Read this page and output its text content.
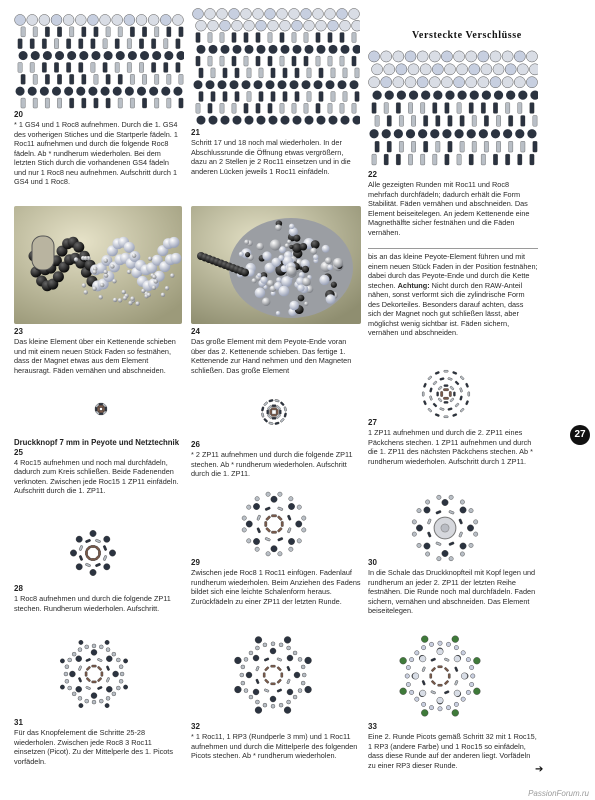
Versteckte Verschlüsse
20
* 1 GS4 und 1 Roc8 aufnehmen. Durch die 1. GS4 des vorherigen Stiches und die Startperle fädeln. 1 Roc11 aufnehmen und durch die folgende Roc8 fädeln. Ab * rundherum wiederholen. Bei dem letzten Stich durch die vorhandenen GS4 fädeln und nur 1 Roc8 neu aufnehmen. Aufschritt durch 1 GS4 und 1 Roc8.
21
Schritt 17 und 18 noch mal wiederholen. In der Abschlussrunde die Öffnung etwas vergrößern, dazu an 2 Stellen je 2 Roc11 einsetzen und in die anderen Lücken jeweils 1 Roc11 einfädeln.	22
Alle gezeigten Runden mit Roc11 und Roc8 mehrfach durchfädeln; dadurch erhält die Form Stabilität. Fäden vernähen und abschneiden. Das Element beiseitelegen. An jedem Kettenende eine Magnethälfte sicher festnähen und die Fäden vernähen.
bis an das kleine Peyote-Element führen und mit einem neuen Stück Faden in der Position festnähen; dabei durch das Peyote-Ende und durch die Kette stechen. Achtung: Nicht durch den RAW-Anteil nähen, sonst verformt sich die zylindrische Form des Dekorteiles. Besonders darauf achten, dass sich der Magnet noch gut schließen lässt, aber möglichst wenig sichtbar ist. Fäden sichern, vernähen und abschneiden.
23
Das kleine Element über ein Kettenende schieben und mit einem neuen Stück Faden so festnähen, dass der Magnet etwas aus dem Element herausragt. Fäden vernähen und abschneiden.
24
Das große Element mit dem Peyote-Ende voran über das 2. Kettenende schieben. Das fertige 1. Kettenende zur Hand nehmen und den Magneten schließen. Das große Element
Druckknopf 7 mm in Peyote und Netztechnik
25
4 Roc15 aufnehmen und noch mal durchfädeln, dadurch zum Kreis schließen. Beide Fadenenden verknoten. Zwischen jede Roc15 1 ZP11 einfädeln. Aufschritt durch die 1. ZP11.
26
* 2 ZP11 aufnehmen und durch die folgende ZP11 stechen. Ab * rundherum wiederholen. Aufschritt durch die 1. ZP11.
27
1 ZP11 aufnehmen und durch die 2. ZP11 eines Päckchens stechen. 1 ZP11 aufnehmen und durch die 1. ZP11 des nächsten Päckchens stechen. Ab * rundherum wiederholen. Aufschritt durch 1 ZP11.
28
1 Roc8 aufnehmen und durch die folgende ZP11 stechen. Rundherum wiederholen. Aufschritt.
29
Zwischen jede Roc8 1 Roc11 einfügen. Fadenlauf rundherum wiederholen. Beim Anziehen des Fadens bildet sich eine leichte Schalenform heraus. Zurückfädeln zu einer ZP11 der letzten Runde.
30
In die Schale das Druckknopfteil mit Kopf legen und rundherum an jeder 2. ZP11 der letzten Reihe festnähen. Die Runde noch mal durchfädeln. Faden sichern, vernähen und abschneiden. Das Element beiseitelegen.
31
Für das Knopfelement die Schritte 25-28 wiederholen. Zwischen jede Roc8 3 Roc11 einsetzen (Picot). Zu der Mittelperle des 1. Picots vorfädeln.
32
* 1 Roc11, 1 RP3 (Rundperle 3 mm) und 1 Roc11 aufnehmen und durch die Mittelperle des folgenden Picots stechen. Ab * rundherum wiederholen.
33
Eine 2. Runde Picots gemäß Schritt 32 mit 1 Roc15, 1 RP3 (andere Farbe) und 1 Roc15 so einfädeln, dass diese Runde auf der anderen liegt. Vorfädeln zu einer RP3 dieser Runde.	➔
27
PassionForum.ru
